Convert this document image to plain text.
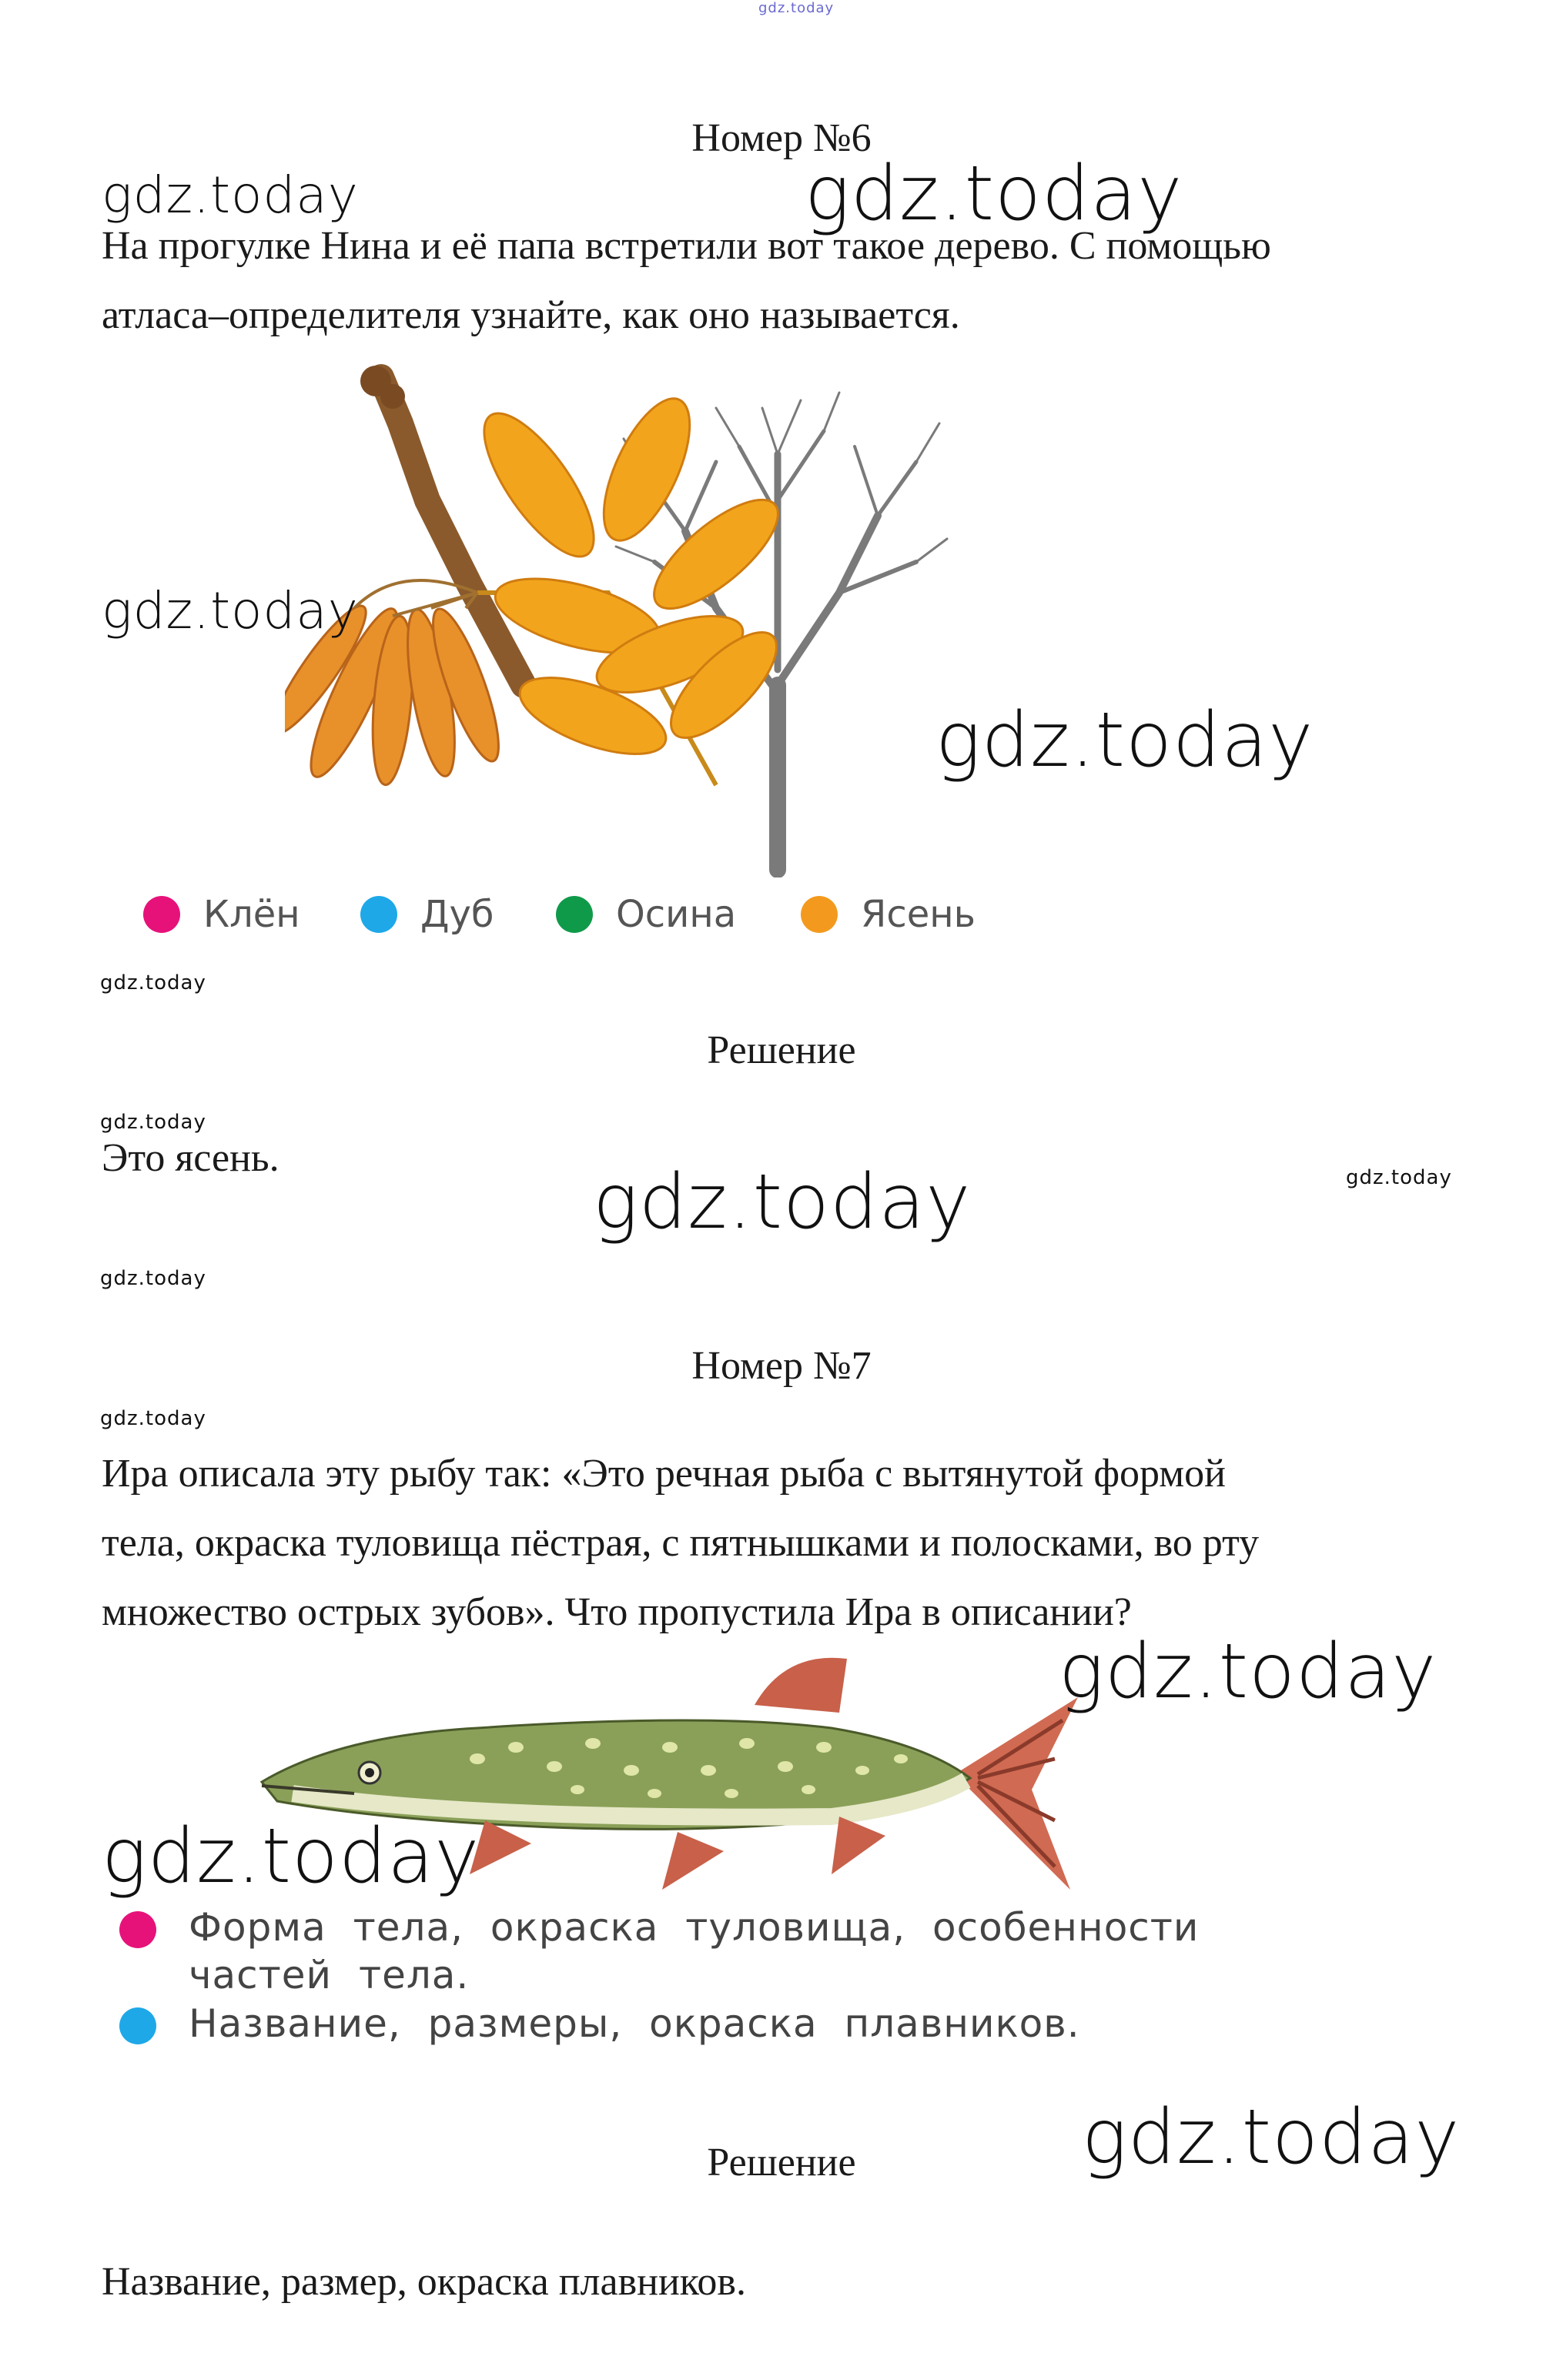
gdz.today
Номер №6
gdz.today	gdz.today
На прогулке Нина и её папа встретили вот такое дерево. С помощью
атласа–определителя узнайте, как оно называется.
gdz.today
gdz.today
Клён	Дуб	Осина	Ясень
gdz.today
Решение
gdz.today
Это ясень.
gdz.today	gdz.today
gdz.today
Номер №7
gdz.today
Ира описала эту рыбу так: «Это речная рыба с вытянутой формой
тела, окраска туловища пёстрая, с пятнышками и полосками, во рту
множество острых зубов». Что пропустила Ира в описании?
gdz.today
gdz.today
Форма тела, окраска туловища, особенности
частей тела.
Название, размеры, окраска плавников.
gdz.today
Решение
Название, размер, окраска плавников.
